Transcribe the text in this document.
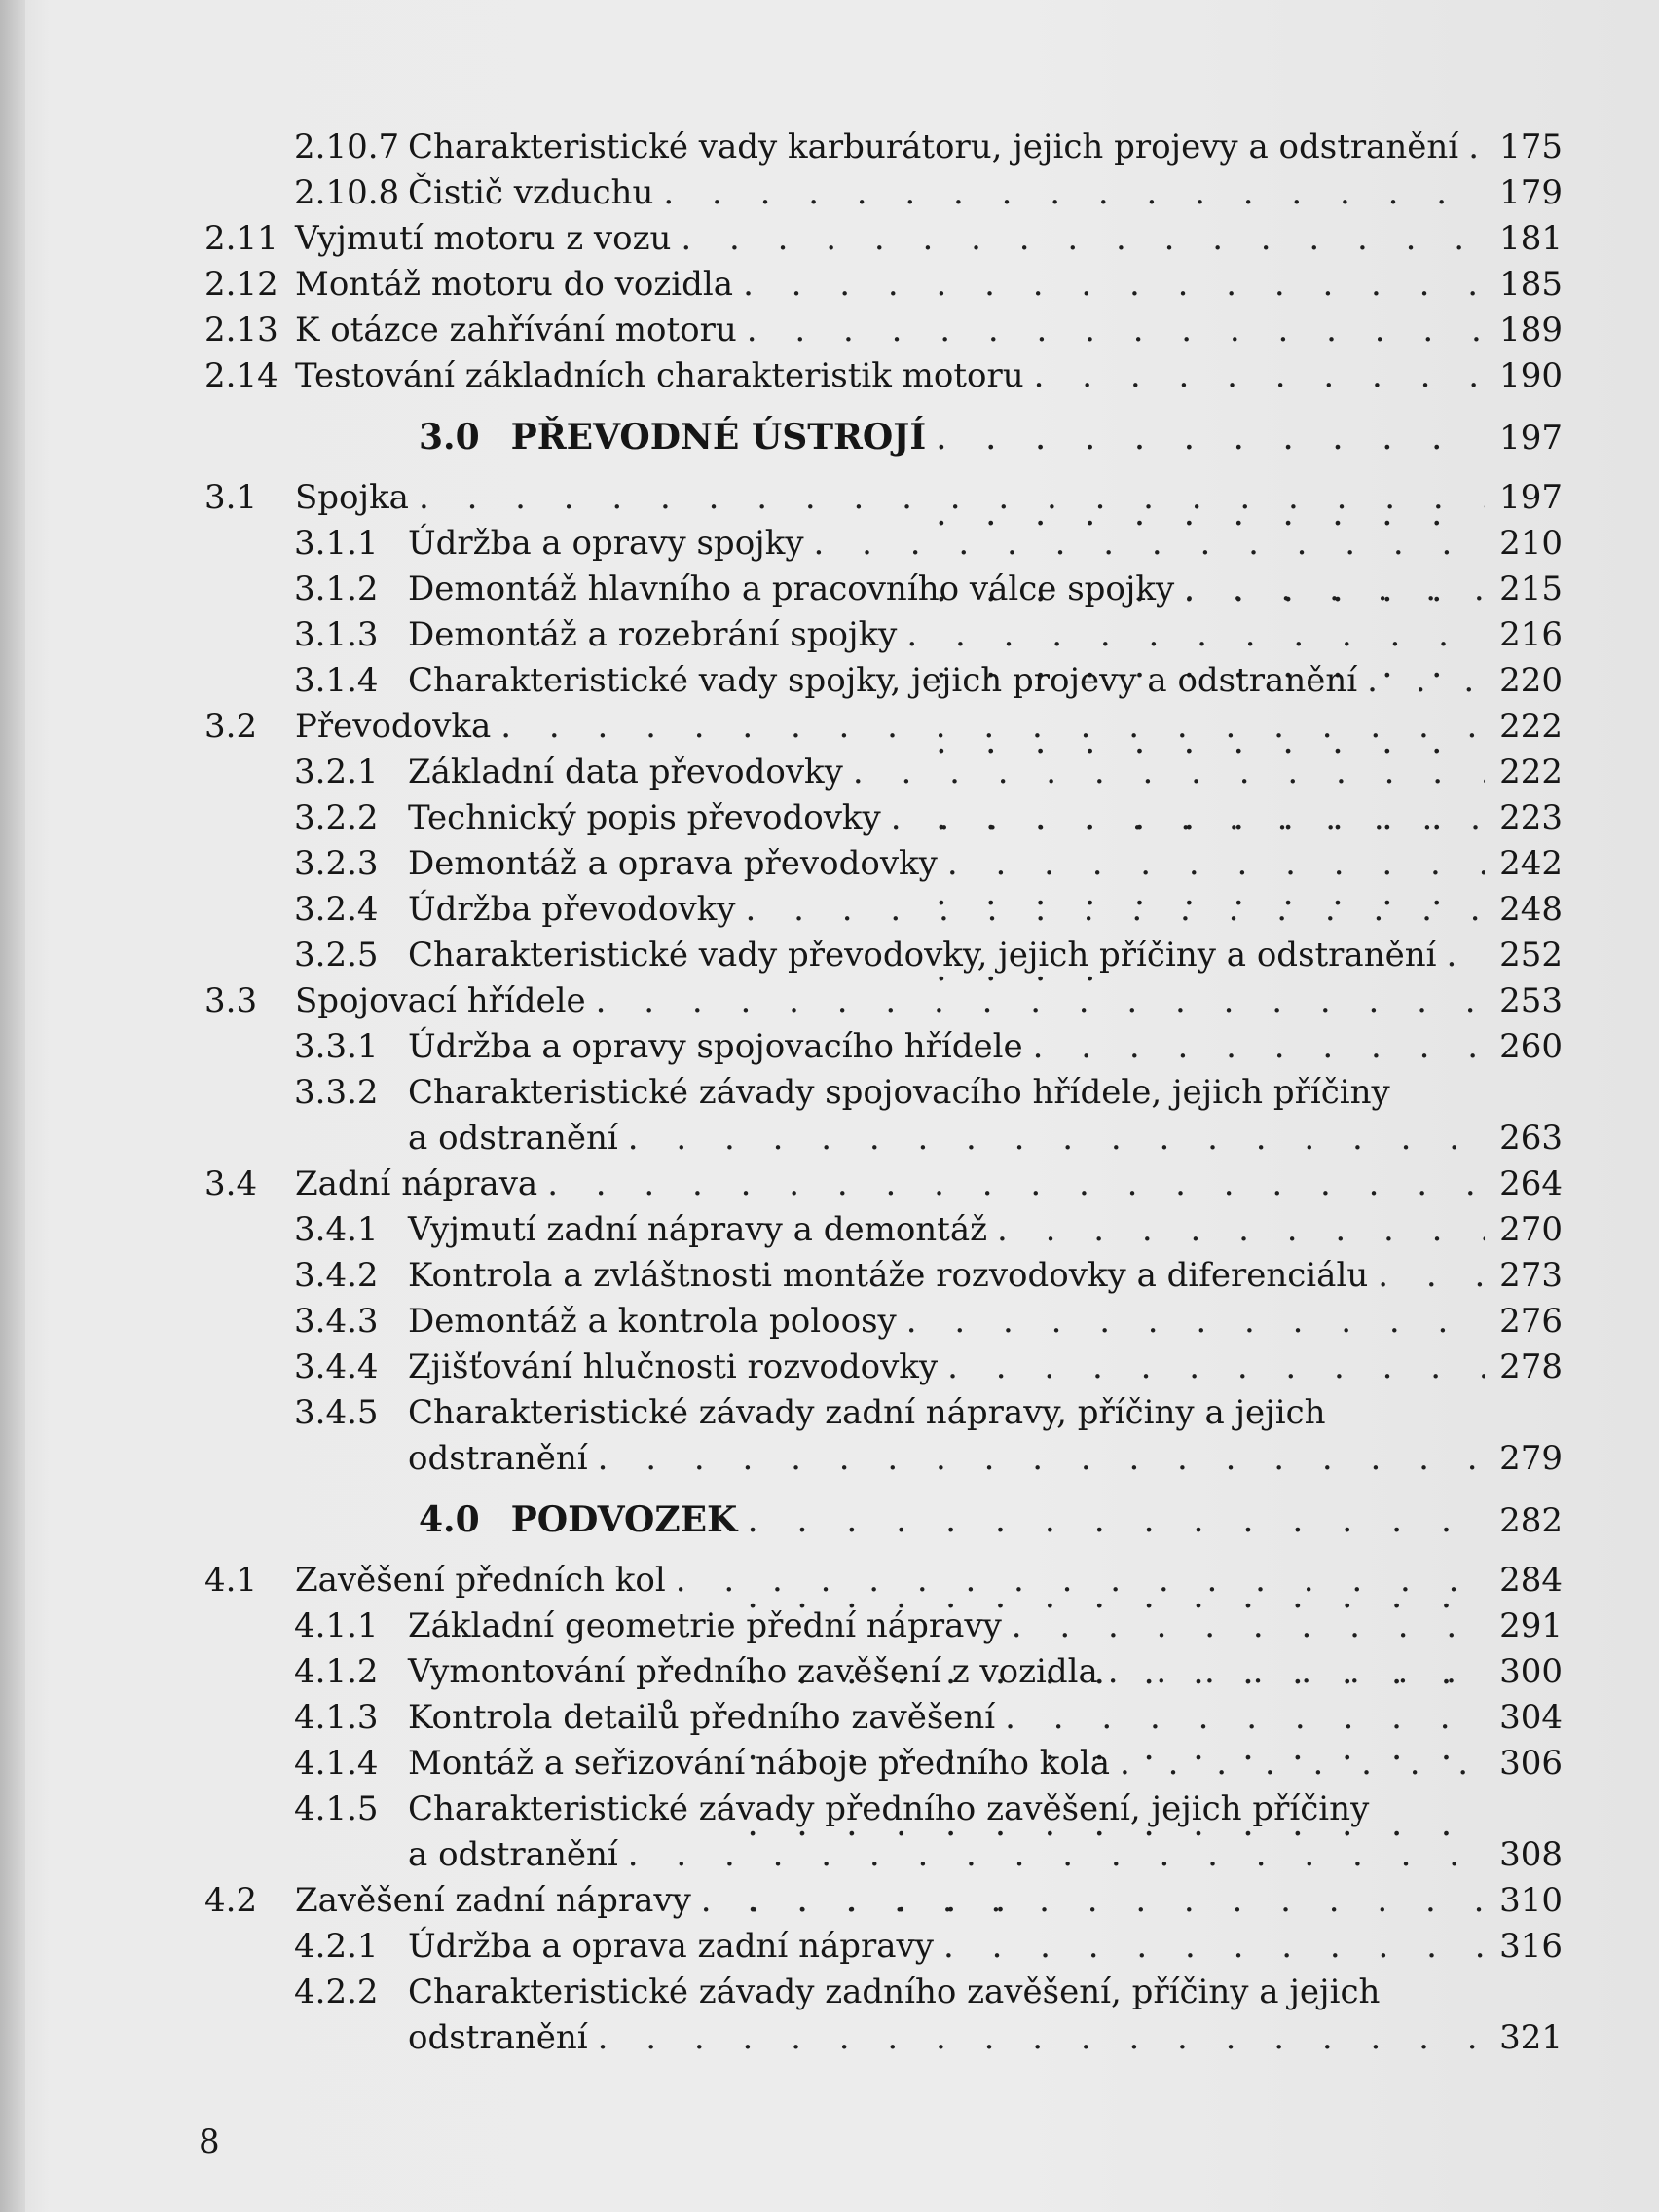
2.10.7 Charakteristické vady karburátoru, jejich projevy a odstranění . . . 175
2.10.8 Čistič vzduchu . . .	179
2.11 Vyjmutí motoru z vozu . . .	181
2.12 Montáž motoru do vozidla . . .	185
2.13 K otázce zahřívání motoru . . .	189
2.14 Testování základních charakteristik motoru . . .	190
3.0 PŘEVODNÉ ÚSTROJÍ . . .	197
3.1 Spojka . . .	197
3.1.1 Údržba a opravy spojky . . .	210
3.1.2 Demontáž hlavního a pracovního válce spojky . . .	215
3.1.3 Demontáž a rozebrání spojky . . .	216
3.1.4 Charakteristické vady spojky, jejich projevy a odstranění . . .	220
3.2 Převodovka . . .	222
3.2.1 Základní data převodovky . . .	222
3.2.2 Technický popis převodovky . . .	223
3.2.3 Demontáž a oprava převodovky . . .	242
3.2.4 Údržba převodovky . . .	248
3.2.5 Charakteristické vady převodovky, jejich příčiny a odstranění . . . 252
3.3 Spojovací hřídele . . .	253
3.3.1 Údržba a opravy spojovacího hřídele . . .	260
3.3.2 Charakteristické závady spojovacího hřídele, jejich příčiny
a odstranění . . .	263
3.4 Zadní náprava . . .	264
3.4.1 Vyjmutí zadní nápravy a demontáž . . .	270
3.4.2 Kontrola a zvláštnosti montáže rozvodovky a diferenciálu . . .	273
3.4.3 Demontáž a kontrola poloosy . . .	276
3.4.4 Zjišťování hlučnosti rozvodovky . . .	278
3.4.5 Charakteristické závady zadní nápravy, příčiny a jejich
odstranění . . .	279
4.0 PODVOZEK . . .	282
4.1 Zavěšení předních kol . . .	284
4.1.1 Základní geometrie přední nápravy . . .	291
4.1.2 Vymontování předního zavěšení z vozidla . . .	300
4.1.3 Kontrola detailů předního zavěšení . . .	304
4.1.4 Montáž a seřizování náboje předního kola . . .	306
4.1.5 Charakteristické závady předního zavěšení, jejich příčiny
a odstranění . . .	308
4.2 Zavěšení zadní nápravy . . .	310
4.2.1 Údržba a oprava zadní nápravy . . .	316
4.2.2 Charakteristické závady zadního zavěšení, příčiny a jejich
odstranění . . .	321
8
